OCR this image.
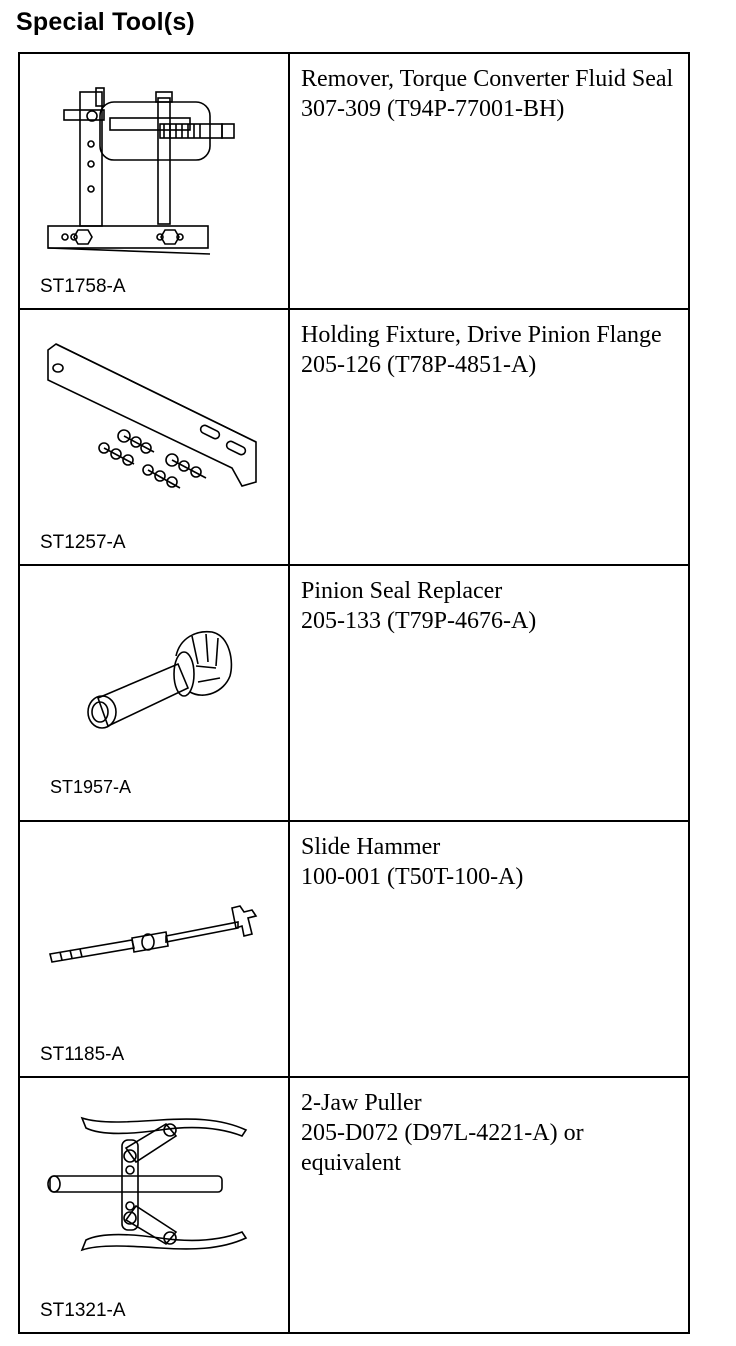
Special Tool(s)
ST1758-A	Remover, Torque Converter Fluid Seal
307-309 (T94P-77001-BH)

ST1257-A	Holding Fixture, Drive Pinion Flange
205-126 (T78P-4851-A)

ST1957-A	Pinion Seal Replacer
205-133 (T79P-4676-A)

ST1185-A	Slide Hammer
100-001 (T50T-100-A)

ST1321-A	2-Jaw Puller
205-D072 (D97L-4221-A) or equivalent
